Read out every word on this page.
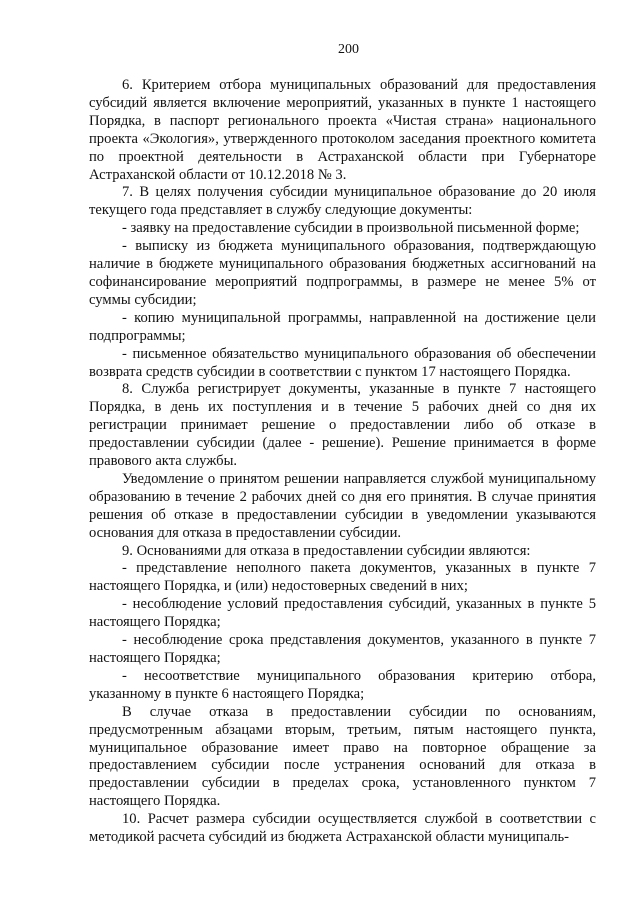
200

6. Критерием отбора муниципальных образований для предоставления субсидий является включение мероприятий, указанных в пункте 1 настоящего Порядка, в паспорт регионального проекта «Чистая страна» национального проекта «Экология», утвержденного протоколом заседания проектного комитета по проектной деятельности в Астраханской области при Губернаторе Астраханской области от 10.12.2018 № 3.

7. В целях получения субсидии муниципальное образование до 20 июля текущего года представляет в службу следующие документы:

- заявку на предоставление субсидии в произвольной письменной форме;

- выписку из бюджета муниципального образования, подтверждающую наличие в бюджете муниципального образования бюджетных ассигнований на софинансирование мероприятий подпрограммы, в размере не менее 5% от суммы субсидии;

- копию муниципальной программы, направленной на достижение цели подпрограммы;

- письменное обязательство муниципального образования об обеспечении возврата средств субсидии в соответствии с пунктом 17 настоящего Порядка.

8. Служба регистрирует документы, указанные в пункте 7 настоящего Порядка, в день их поступления и в течение 5 рабочих дней со дня их регистрации принимает решение о предоставлении либо об отказе в предоставлении субсидии (далее - решение). Решение принимается в форме правового акта службы.

Уведомление о принятом решении направляется службой муниципальному образованию в течение 2 рабочих дней со дня его принятия. В случае принятия решения об отказе в предоставлении субсидии в уведомлении указываются основания для отказа в предоставлении субсидии.

9. Основаниями для отказа в предоставлении субсидии являются:

- представление неполного пакета документов, указанных в пункте 7 настоящего Порядка, и (или) недостоверных сведений в них;

- несоблюдение условий предоставления субсидий, указанных в пункте 5 настоящего Порядка;

- несоблюдение срока представления документов, указанного в пункте 7 настоящего Порядка;

- несоответствие муниципального образования критерию отбора, указанному в пункте 6 настоящего Порядка;

В случае отказа в предоставлении субсидии по основаниям, предусмотренным абзацами вторым, третьим, пятым настоящего пункта, муниципальное образование имеет право на повторное обращение за предоставлением субсидии после устранения оснований для отказа в предоставлении субсидии в пределах срока, установленного пунктом 7 настоящего Порядка.

10. Расчет размера субсидии осуществляется службой в соответствии с методикой расчета субсидий из бюджета Астраханской области муниципаль-
